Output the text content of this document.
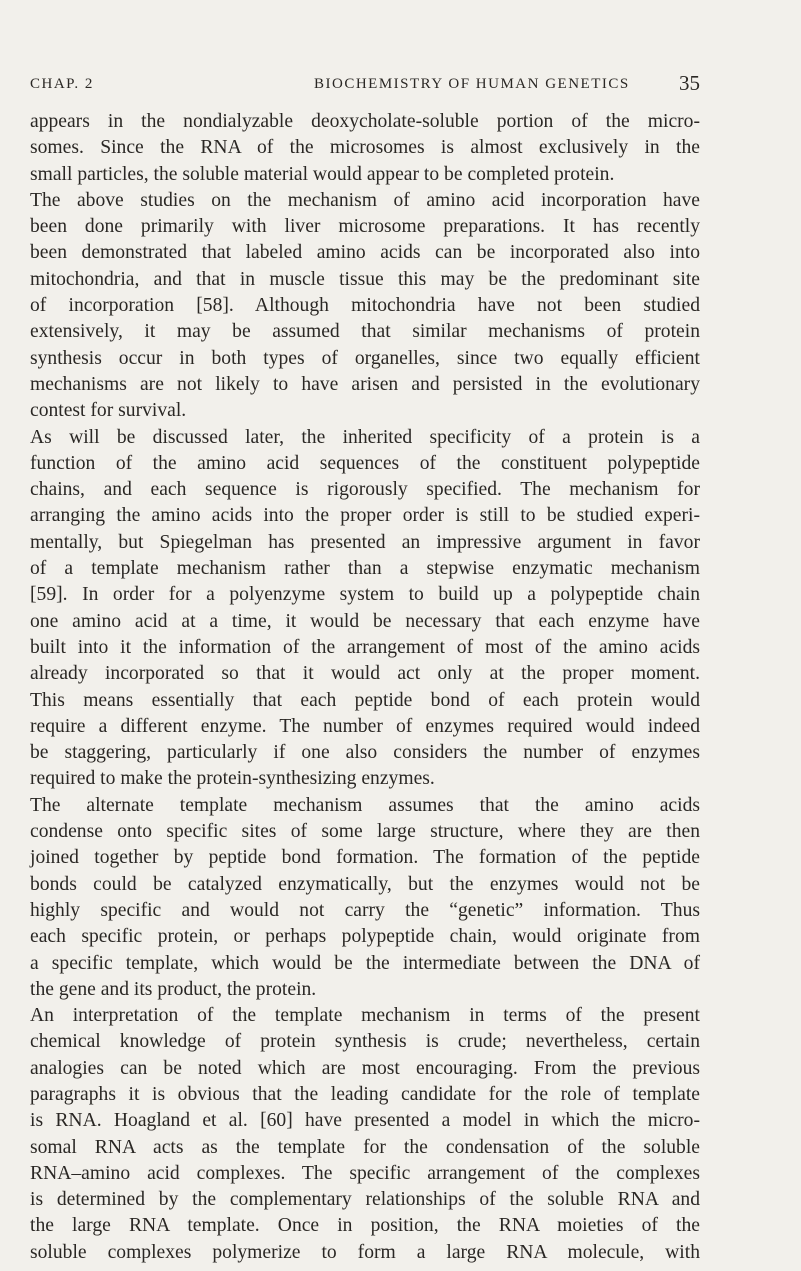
CHAP. 2	BIOCHEMISTRY OF HUMAN GENETICS 35
appears in the nondialyzable deoxycholate-soluble portion of the micro-
somes. Since the RNA of the microsomes is almost exclusively in the
small particles, the soluble material would appear to be completed protein.
The above studies on the mechanism of amino acid incorporation have
been done primarily with liver microsome preparations. It has recently
been demonstrated that labeled amino acids can be incorporated also into
mitochondria, and that in muscle tissue this may be the predominant site
of incorporation [58]. Although mitochondria have not been studied
extensively, it may be assumed that similar mechanisms of protein
synthesis occur in both types of organelles, since two equally efficient
mechanisms are not likely to have arisen and persisted in the evolutionary
contest for survival.
As will be discussed later, the inherited specificity of a protein is a
function of the amino acid sequences of the constituent polypeptide
chains, and each sequence is rigorously specified. The mechanism for
arranging the amino acids into the proper order is still to be studied experi-
mentally, but Spiegelman has presented an impressive argument in favor
of a template mechanism rather than a stepwise enzymatic mechanism
[59]. In order for a polyenzyme system to build up a polypeptide chain
one amino acid at a time, it would be necessary that each enzyme have
built into it the information of the arrangement of most of the amino acids
already incorporated so that it would act only at the proper moment.
This means essentially that each peptide bond of each protein would
require a different enzyme. The number of enzymes required would indeed
be staggering, particularly if one also considers the number of enzymes
required to make the protein-synthesizing enzymes.
The alternate template mechanism assumes that the amino acids
condense onto specific sites of some large structure, where they are then
joined together by peptide bond formation. The formation of the peptide
bonds could be catalyzed enzymatically, but the enzymes would not be
highly specific and would not carry the “genetic” information. Thus
each specific protein, or perhaps polypeptide chain, would originate from
a specific template, which would be the intermediate between the DNA of
the gene and its product, the protein.
An interpretation of the template mechanism in terms of the present
chemical knowledge of protein synthesis is crude; nevertheless, certain
analogies can be noted which are most encouraging. From the previous
paragraphs it is obvious that the leading candidate for the role of template
is RNA. Hoagland et al. [60] have presented a model in which the micro-
somal RNA acts as the template for the condensation of the soluble
RNA–amino acid complexes. The specific arrangement of the complexes
is determined by the complementary relationships of the soluble RNA and
the large RNA template. Once in position, the RNA moieties of the
soluble complexes polymerize to form a large RNA molecule, with
